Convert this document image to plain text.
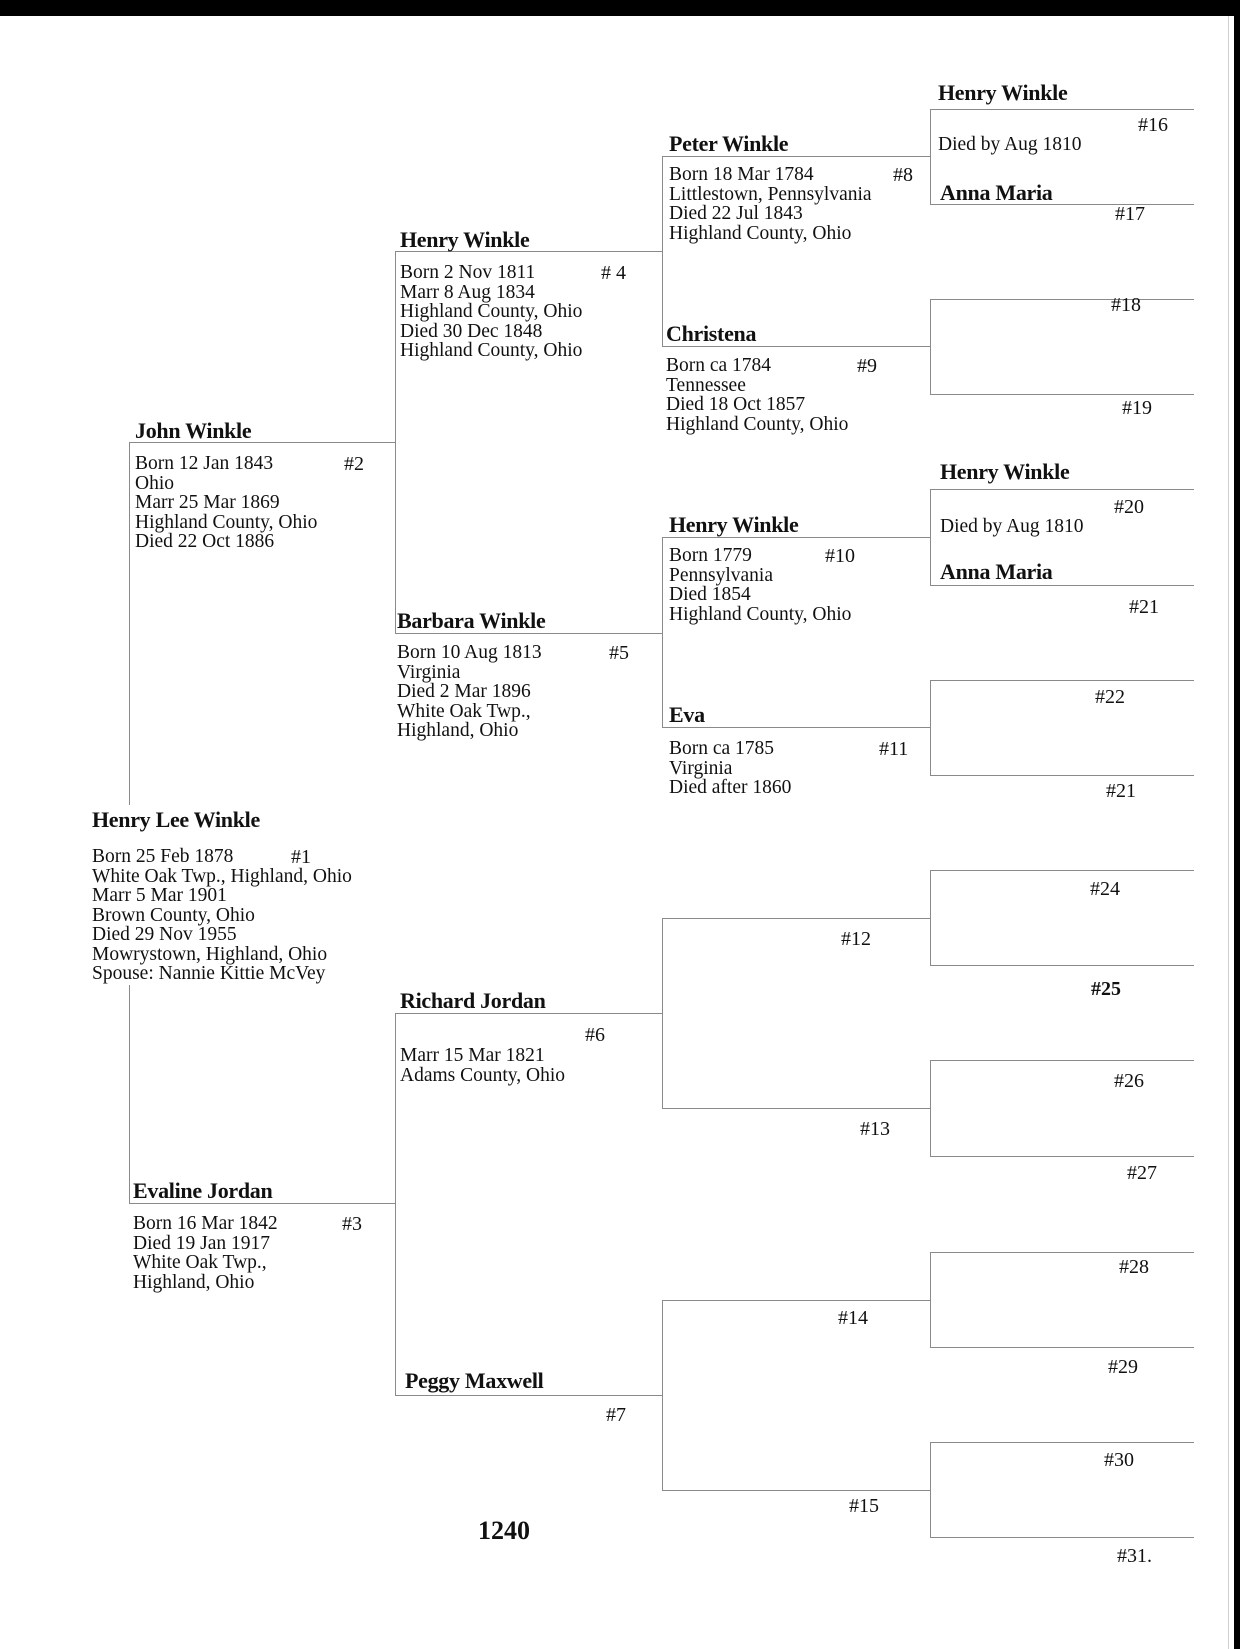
Henry Lee Winkle
Born 25 Feb 1878
White Oak Twp., Highland, Ohio
Marr 5 Mar 1901
Brown County, Ohio
Died 29 Nov 1955
Mowrystown, Highland, Ohio
Spouse: Nannie Kittie McVey
#1
John Winkle
Born 12 Jan 1843
Ohio
Marr 25 Mar 1869
Highland County, Ohio
Died 22 Oct 1886
#2
Evaline Jordan
Born 16 Mar 1842
Died 19 Jan 1917
White Oak Twp.,
Highland, Ohio
#3
Henry Winkle
Born 2 Nov 1811
Marr 8 Aug 1834
Highland County, Ohio
Died 30 Dec 1848
Highland County, Ohio
# 4
Barbara Winkle
Born 10 Aug 1813
Virginia
Died 2 Mar 1896
White Oak Twp.,
Highland, Ohio
#5
Richard Jordan
#6
Marr 15 Mar 1821
Adams County, Ohio
Peggy Maxwell
#7
Peter Winkle
Born 18 Mar 1784
Littlestown, Pennsylvania
Died 22 Jul 1843
Highland County, Ohio
#8
Christena
Born ca 1784
Tennessee
Died 18 Oct 1857
Highland County, Ohio
#9
Henry Winkle
Born 1779
Pennsylvania
Died 1854
Highland County, Ohio
#10
Eva
Born ca 1785
Virginia
Died after 1860
#11
#12
#13
#14
#15
Henry Winkle
#16
Died by Aug 1810
Anna Maria
#17
#18
#19
Henry Winkle
#20
Died by Aug 1810
Anna Maria
#21
#22
#21
#24
#25
#26
#27
#28
#29
#30
#31.
1240
